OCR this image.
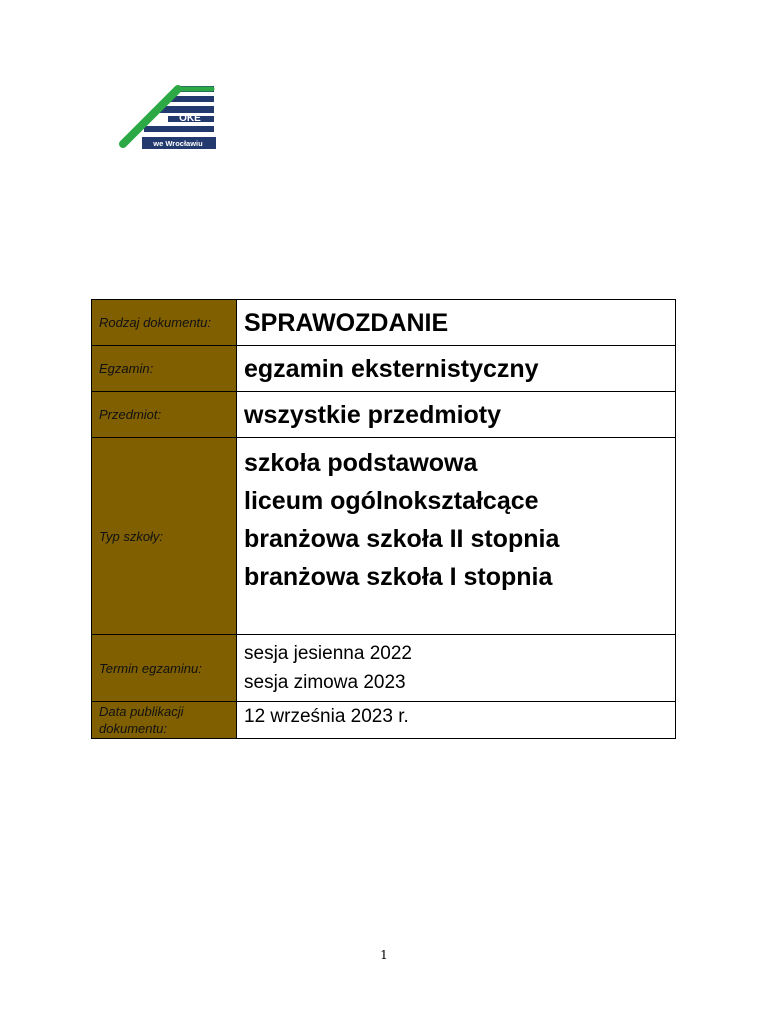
OKE
we Wrocławiu
Rodzaj dokumentu:	SPRAWOZDANIE

Egzamin:	egzamin eksternistyczny

Przedmiot:	wszystkie przedmioty

Typ szkoły:	szkoła podstawowa
liceum ogólnokształcące
branżowa szkoła II stopnia
branżowa szkoła I stopnia

Termin egzaminu:	sesja jesienna 2022
sesja zimowa 2023

Data publikacji dokumentu:	12 września 2023 r.
1
